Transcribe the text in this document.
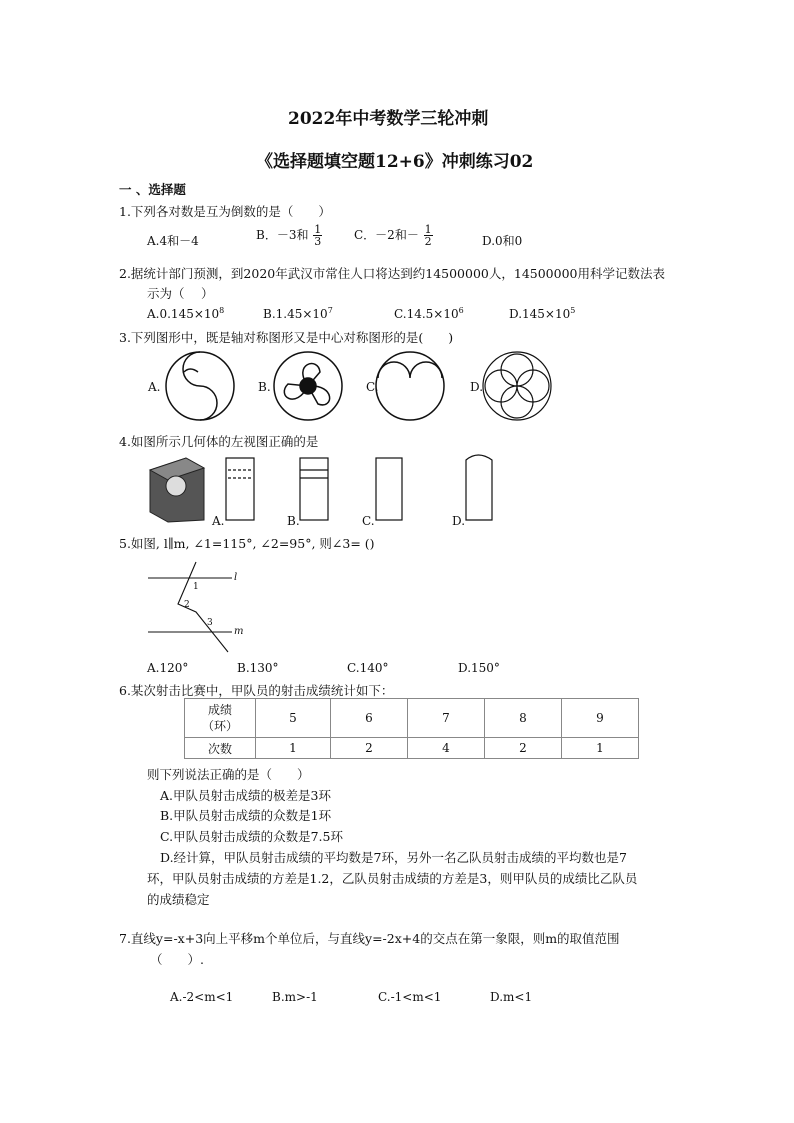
2022年中考数学三轮冲刺
《选择题填空题12+6》冲刺练习02
一 、选择题
1.下列各对数是互为倒数的是（　　）
A.4和－4	B．－3和 $\frac{1}{3}$	C．－2和－ $\frac{1}{2}$	D.0和0
2.据统计部门预测，到2020年武汉市常住人口将达到约14500000人，14500000用科学记数法表
示为（　 ）
$A.0.145\times 10^8$	$B.1.45\times 10^7$	$C.14.5\times 10^6$	$D.145\times 10^5$
3.下列图形中，既是轴对称图形又是中心对称图形的是(　　)
A.	B.	C.	D.
4.如图所示几何体的左视图正确的是
A.	B.	C.	D.
5.如图, l∥m, ∠1=115°, ∠2=95°, 则∠3= ()
l
m
1
2
3
A.120°	B.130°	C.140°	D.150°
6.某次射击比赛中，甲队员的射击成绩统计如下：
成绩
（环）	5	6	7	8	9
次数	1	2	4	2	1
则下列说法正确的是（　　）
A.甲队员射击成绩的极差是3环
B.甲队员射击成绩的众数是1环
C.甲队员射击成绩的众数是7.5环
D.经计算，甲队员射击成绩的平均数是7环，另外一名乙队员射击成绩的平均数也是7
环，甲队员射击成绩的方差是1.2，乙队员射击成绩的方差是3，则甲队员的成绩比乙队员
的成绩稳定
7.直线y=-x+3向上平移m个单位后，与直线y=-2x+4的交点在第一象限，则m的取值范围
（　　）.
A.-2<m<1	B.m>-1	C.-1<m<1	D.m<1
